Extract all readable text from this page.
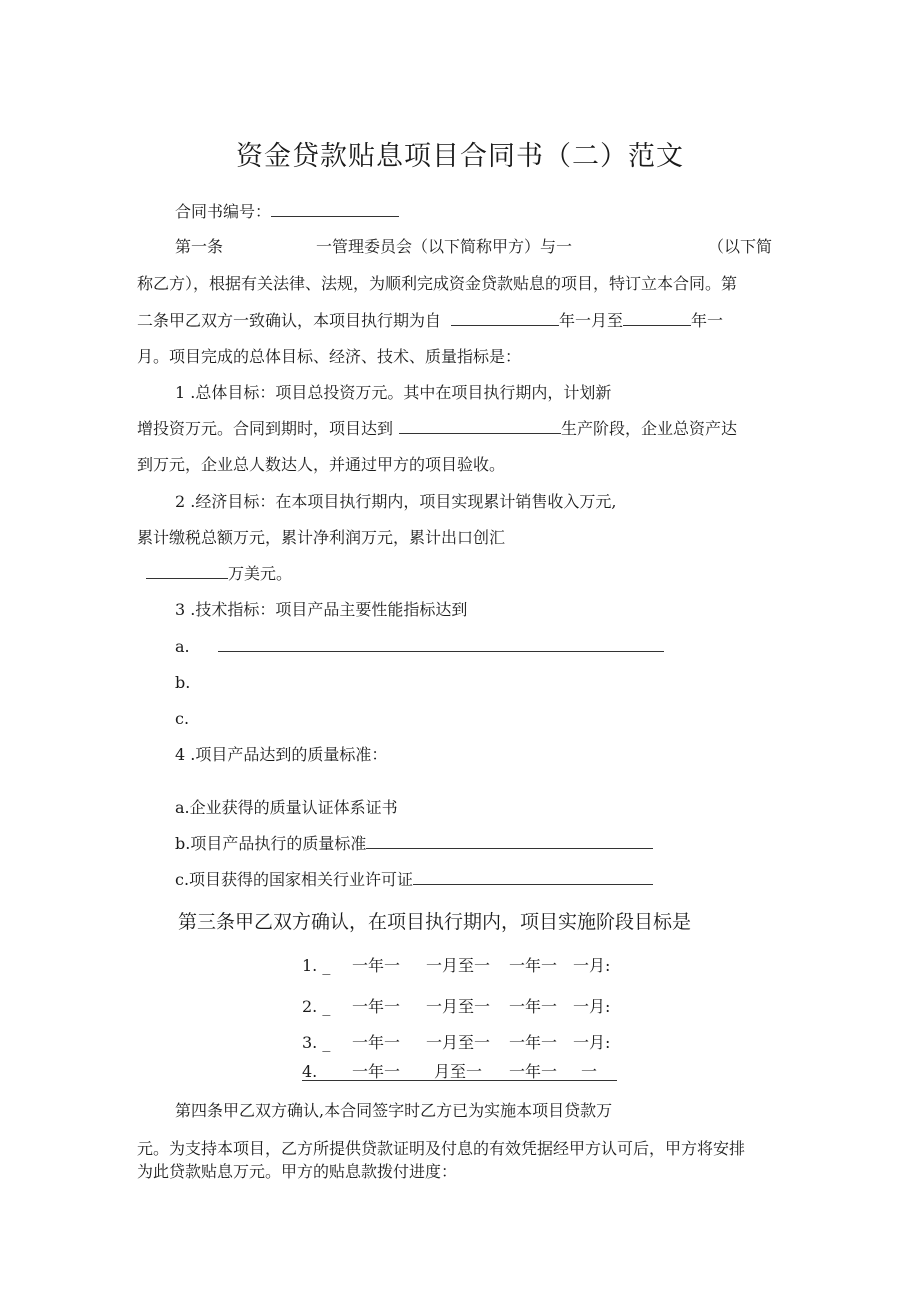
资金贷款贴息项目合同书（二）范文
合同书编号：
第一条	一管理委员会（以下简称甲方）与一	（以下简
称乙方），根据有关法律、法规，为顺利完成资金贷款贴息的项目，特订立本合同。第
二条甲乙双方一致确认，本项目执行期为自	年一月至	年一
月。项目完成的总体目标、经济、技术、质量指标是：
1 .总体目标：项目总投资万元。其中在项目执行期内，计划新
增投资万元。合同到期时，项目达到	生产阶段，企业总资产达
到万元，企业总人数达人，并通过甲方的项目验收。
2 .经济目标：在本项目执行期内，项目实现累计销售收入万元,
累计缴税总额万元，累计净利润万元，累计出口创汇
万美元。
3 .技术指标：项目产品主要性能指标达到
a.
b.
c.
4 .项目产品达到的质量标准：
a.企业获得的质量认证体系证书
b.项目产品执行的质量标准
c.项目获得的国家相关行业许可证
第三条甲乙双方确认，在项目执行期内，项目实施阶段目标是
1. _ 一年一 一月至一 一年一 一月:
2. _ 一年一 一月至一 一年一 一月:
3. _ 一年一 一月至一 一年一 一月:
4. _ 一年一 _月至一 一年一 _一
第四条甲乙双方确认,本合同签字时乙方已为实施本项目贷款万
元。为支持本项目，乙方所提供贷款证明及付息的有效凭据经甲方认可后，甲方将安排
为此贷款贴息万元。甲方的贴息款拨付进度：
